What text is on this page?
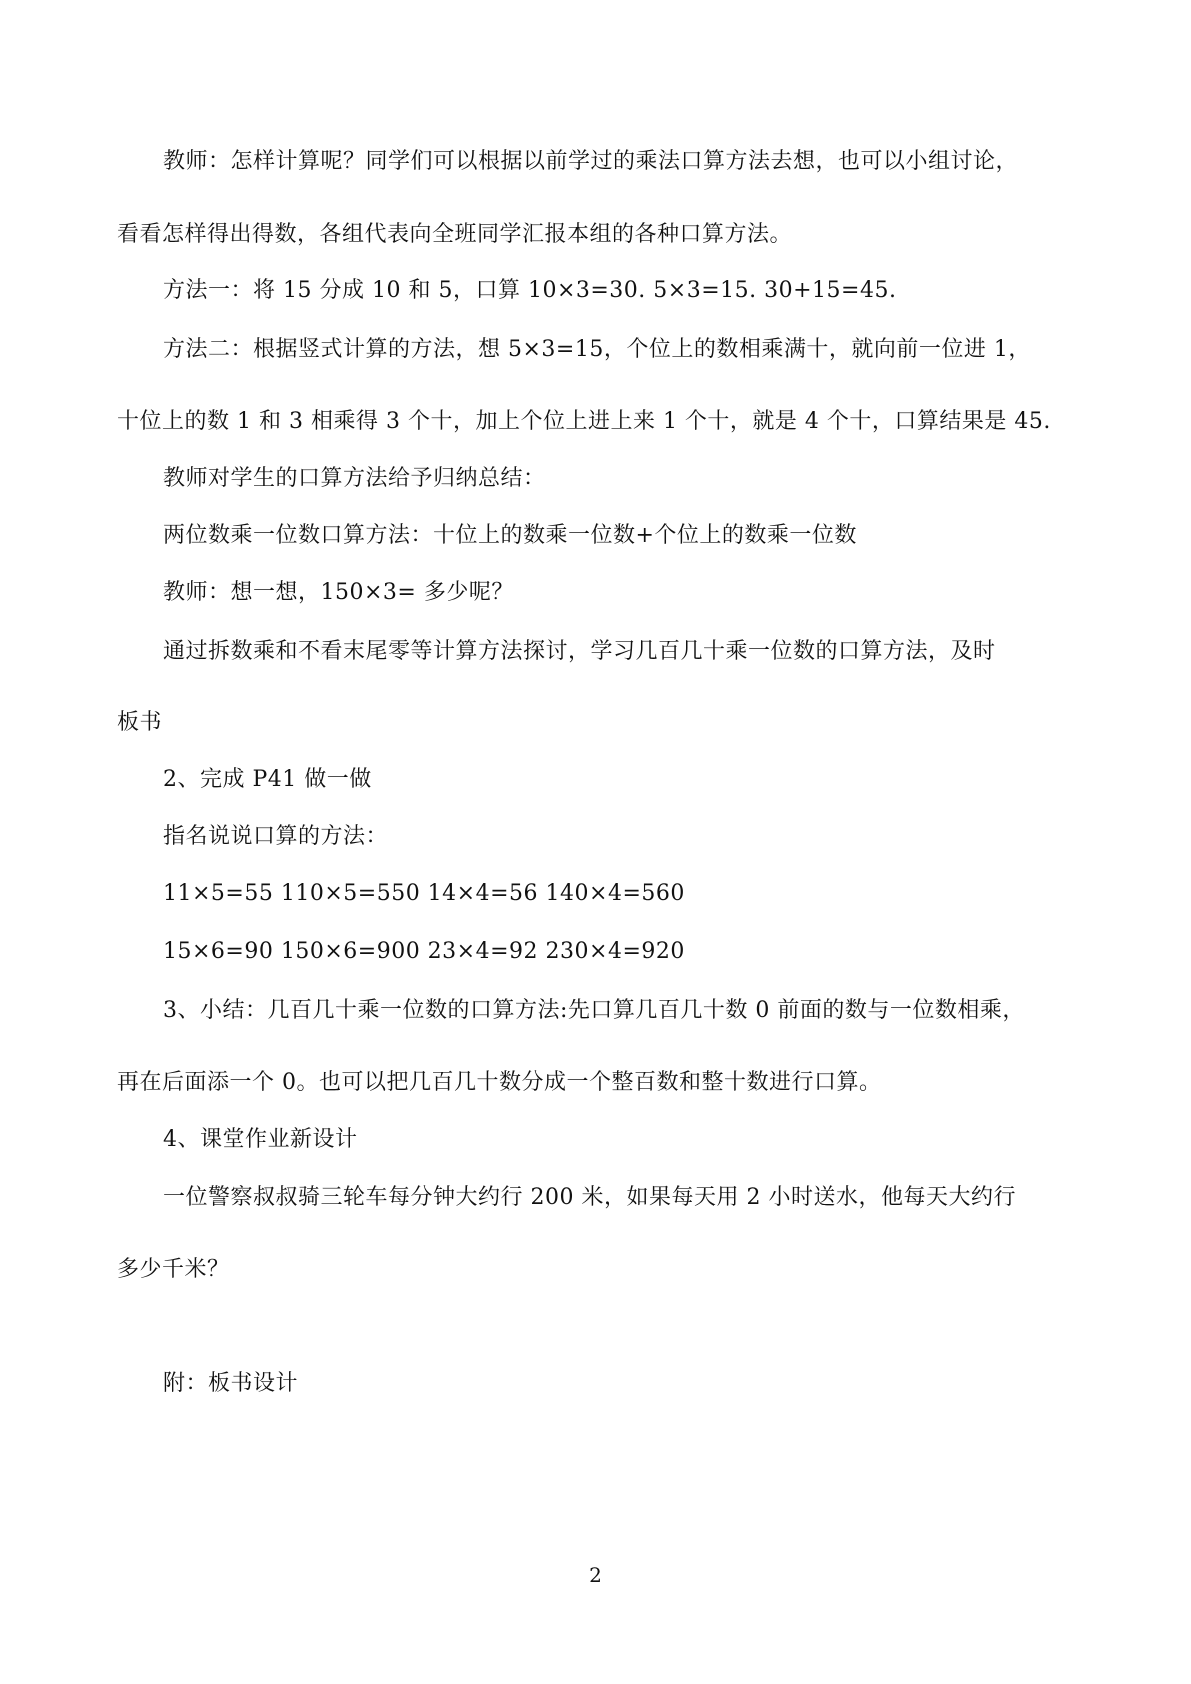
教师：怎样计算呢？同学们可以根据以前学过的乘法口算方法去想，也可以小组讨论，
看看怎样得出得数，各组代表向全班同学汇报本组的各种口算方法。
方法一：将 15 分成 10 和 5，口算 10×3=30. 5×3=15. 30+15=45.
方法二：根据竖式计算的方法，想 5×3=15，个位上的数相乘满十，就向前一位进 1，
十位上的数 1 和 3 相乘得 3 个十，加上个位上进上来 1 个十，就是 4 个十，口算结果是 45.
教师对学生的口算方法给予归纳总结：
两位数乘一位数口算方法：十位上的数乘一位数+个位上的数乘一位数
教师：想一想，150×3= 多少呢？
通过拆数乘和不看末尾零等计算方法探讨，学习几百几十乘一位数的口算方法，及时
板书
2、完成 P41 做一做
指名说说口算的方法：
11×5=55 110×5=550 14×4=56 140×4=560
15×6=90 150×6=900 23×4=92 230×4=920
3、小结：几百几十乘一位数的口算方法:先口算几百几十数 0 前面的数与一位数相乘，
再在后面添一个 0。也可以把几百几十数分成一个整百数和整十数进行口算。
4、课堂作业新设计
一位警察叔叔骑三轮车每分钟大约行 200 米，如果每天用 2 小时送水，他每天大约行
多少千米？
附：板书设计
2
